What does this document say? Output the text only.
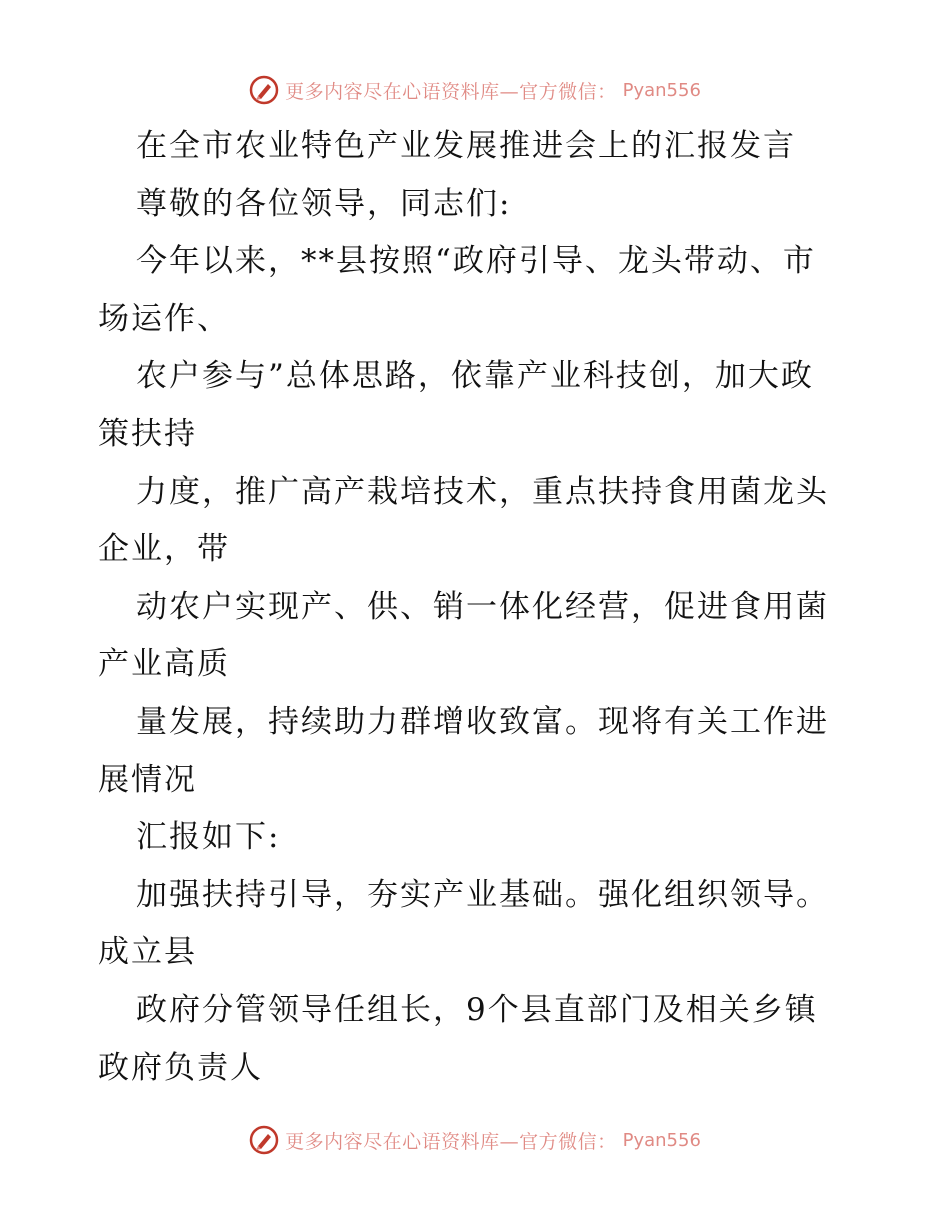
更多内容尽在心语资料库—官方微信： Pyan556
在全市农业特色产业发展推进会上的汇报发言
尊敬的各位领导，同志们:
今年以来，**县按照“政府引导、龙头带动、市
场运作、
农户参与”总体思路，依靠产业科技创，加大政
策扶持
力度，推广高产栽培技术，重点扶持食用菌龙头
企业，带
动农户实现产、供、销一体化经营，促进食用菌
产业高质
量发展，持续助力群增收致富。现将有关工作进
展情况
汇报如下:
加强扶持引导，夯实产业基础。强化组织领导。
成立县
政府分管领导任组长，9个县直部门及相关乡镇
政府负责人
更多内容尽在心语资料库—官方微信： Pyan556
